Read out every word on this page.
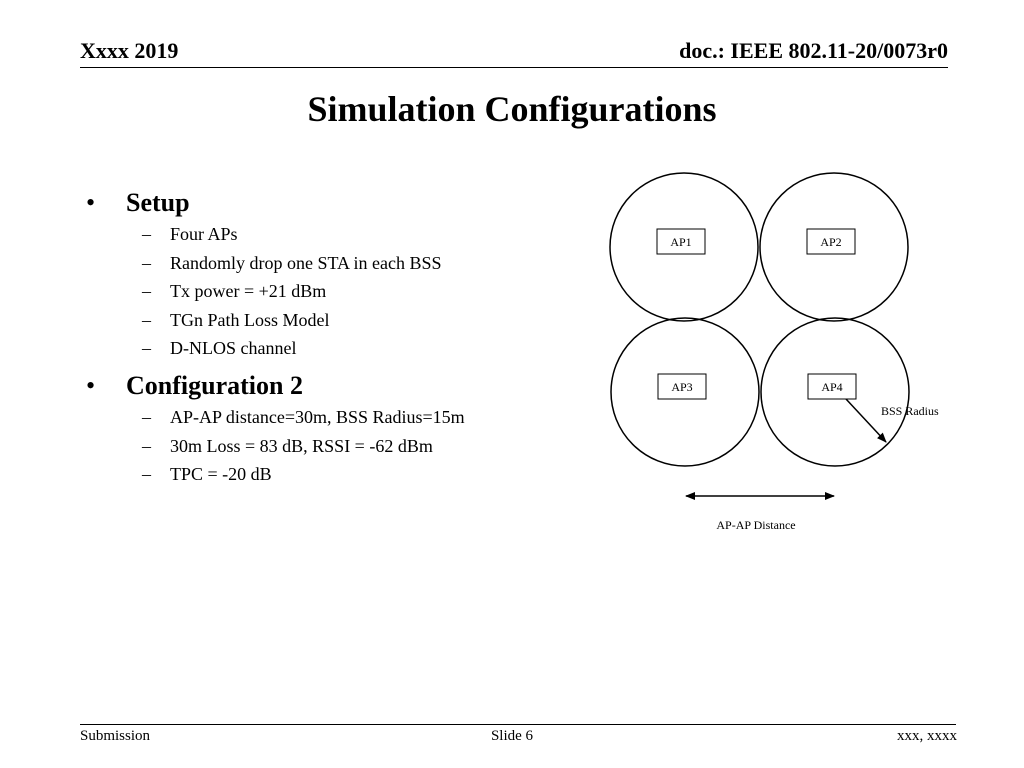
Xxxx 2019	doc.: IEEE 802.11-20/0073r0
Simulation Configurations
• Setup
– Four APs
– Randomly drop one STA in each BSS
– Tx power = +21 dBm
– TGn Path Loss Model
– D-NLOS channel
• Configuration 2
– AP-AP distance=30m, BSS Radius=15m
– 30m Loss = 83 dB, RSSI = -62 dBm
– TPC = -20 dB
AP1	AP2
AP3	AP4
BSS Radius
AP-AP Distance
Submission	Slide 6	xxx, xxxx
